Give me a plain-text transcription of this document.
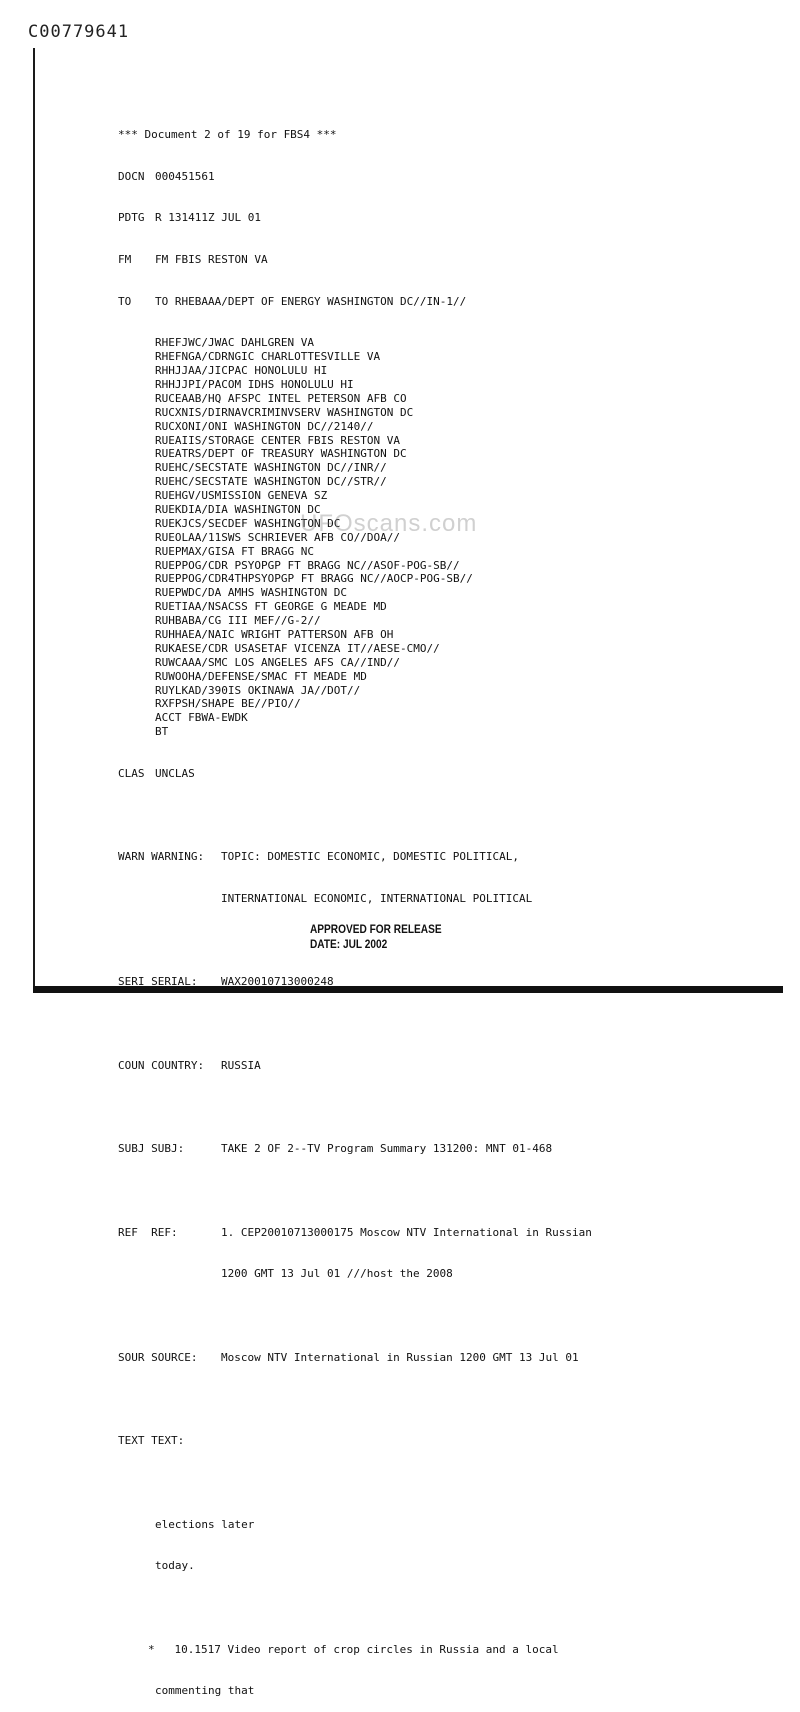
C00779641

*** Document 2 of 19 for FBS4 ***

DOCN 000451561

PDTG R 131411Z JUL 01

FM	FM FBIS RESTON VA

TO	TO RHEBAAA/DEPT OF ENERGY WASHINGTON DC//IN-1//

RHEFJWC/JWAC DAHLGREN VA
RHEFNGA/CDRNGIC CHARLOTTESVILLE VA
RHHJJAA/JICPAC HONOLULU HI
RHHJJPI/PACOM IDHS HONOLULU HI
RUCEAAB/HQ AFSPC INTEL PETERSON AFB CO
RUCXNIS/DIRNAVCRIMINVSERV WASHINGTON DC
RUCXONI/ONI WASHINGTON DC//2140//
RUEAIIS/STORAGE CENTER FBIS RESTON VA
RUEATRS/DEPT OF TREASURY WASHINGTON DC
RUEHC/SECSTATE WASHINGTON DC//INR//
RUEHC/SECSTATE WASHINGTON DC//STR//
RUEHGV/USMISSION GENEVA SZ
RUEKDIA/DIA WASHINGTON DC
RUEKJCS/SECDEF WASHINGTON DC
RUEOLAA/11SWS SCHRIEVER AFB CO//DOA//
RUEPMAX/GISA FT BRAGG NC
RUEPPOG/CDR PSYOPGP FT BRAGG NC//ASOF-POG-SB//
RUEPPOG/CDR4THPSYOPGP FT BRAGG NC//AOCP-POG-SB//
RUEPWDC/DA AMHS WASHINGTON DC
RUETIAA/NSACSS FT GEORGE G MEADE MD
RUHBABA/CG III MEF//G-2//
RUHHAEA/NAIC WRIGHT PATTERSON AFB OH
RUKAESE/CDR USASETAF VICENZA IT//AESE-CMO//
RUWCAAA/SMC LOS ANGELES AFS CA//IND//
RUWOOHA/DEFENSE/SMAC FT MEADE MD
RUYLKAD/390IS OKINAWA JA//DOT//
RXFPSH/SHAPE BE//PIO//
ACCT FBWA-EWDK
BT

CLAS UNCLAS

WARN WARNING:	TOPIC: DOMESTIC ECONOMIC, DOMESTIC POLITICAL,

INTERNATIONAL ECONOMIC, INTERNATIONAL POLITICAL

SERI SERIAL:	WAX20010713000248

COUN COUNTRY:	RUSSIA

SUBJ SUBJ:	TAKE 2 OF 2--TV Program Summary 131200: MNT 01-468

REF  REF:	1. CEP20010713000175 Moscow NTV International in Russian

1200 GMT 13 Jul 01 ///host the 2008

SOUR SOURCE:	Moscow NTV International in Russian 1200 GMT 13 Jul 01

TEXT TEXT:

elections later

today.

*   10.1517 Video report of crop circles in Russia and a local

commenting that

UFOscans.com
APPROVED FOR RELEASE
DATE: JUL 2002
